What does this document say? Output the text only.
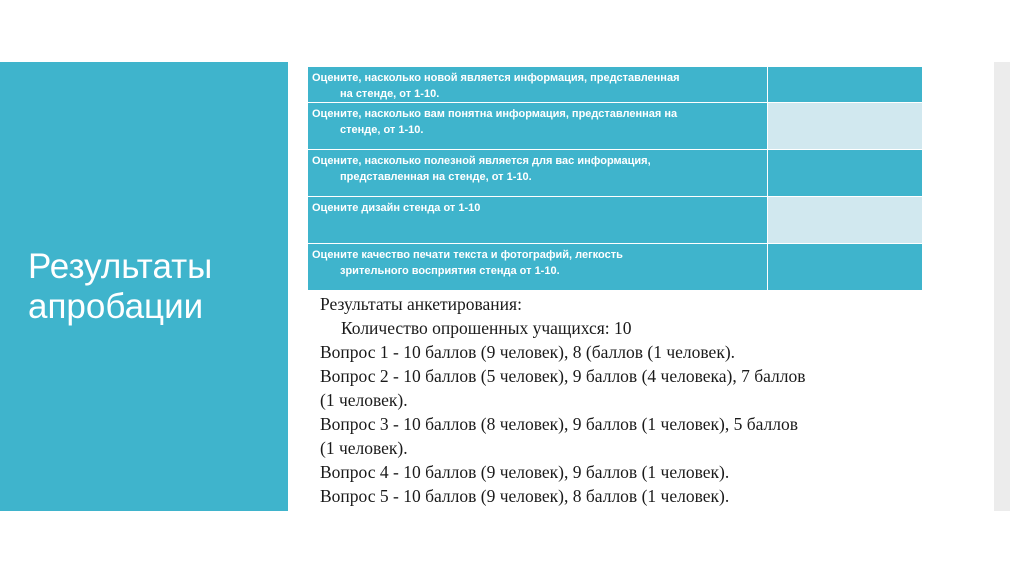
Результаты
апробации
Оцените, насколько новой является информация, представленная
на стенде, от 1-10.	

Оцените, насколько вам понятна информация, представленная на
стенде, от 1-10.	

Оцените, насколько полезной является для вас информация,
представленная на стенде, от 1-10.	

Оцените дизайн стенда от 1-10	

Оцените качество печати текста и фотографий, легкость
зрительного восприятия стенда от 1-10.	

Результаты анкетирования:
Количество опрошенных учащихся: 10
Вопрос 1 - 10 баллов (9 человек), 8 (баллов (1 человек).
Вопрос 2 - 10 баллов (5 человек), 9 баллов (4 человека), 7 баллов
(1 человек).
Вопрос 3 - 10 баллов (8 человек), 9 баллов (1 человек), 5 баллов
(1 человек).
Вопрос 4 - 10 баллов (9 человек), 9 баллов (1 человек).
Вопрос 5 - 10 баллов (9 человек), 8 баллов (1 человек).
